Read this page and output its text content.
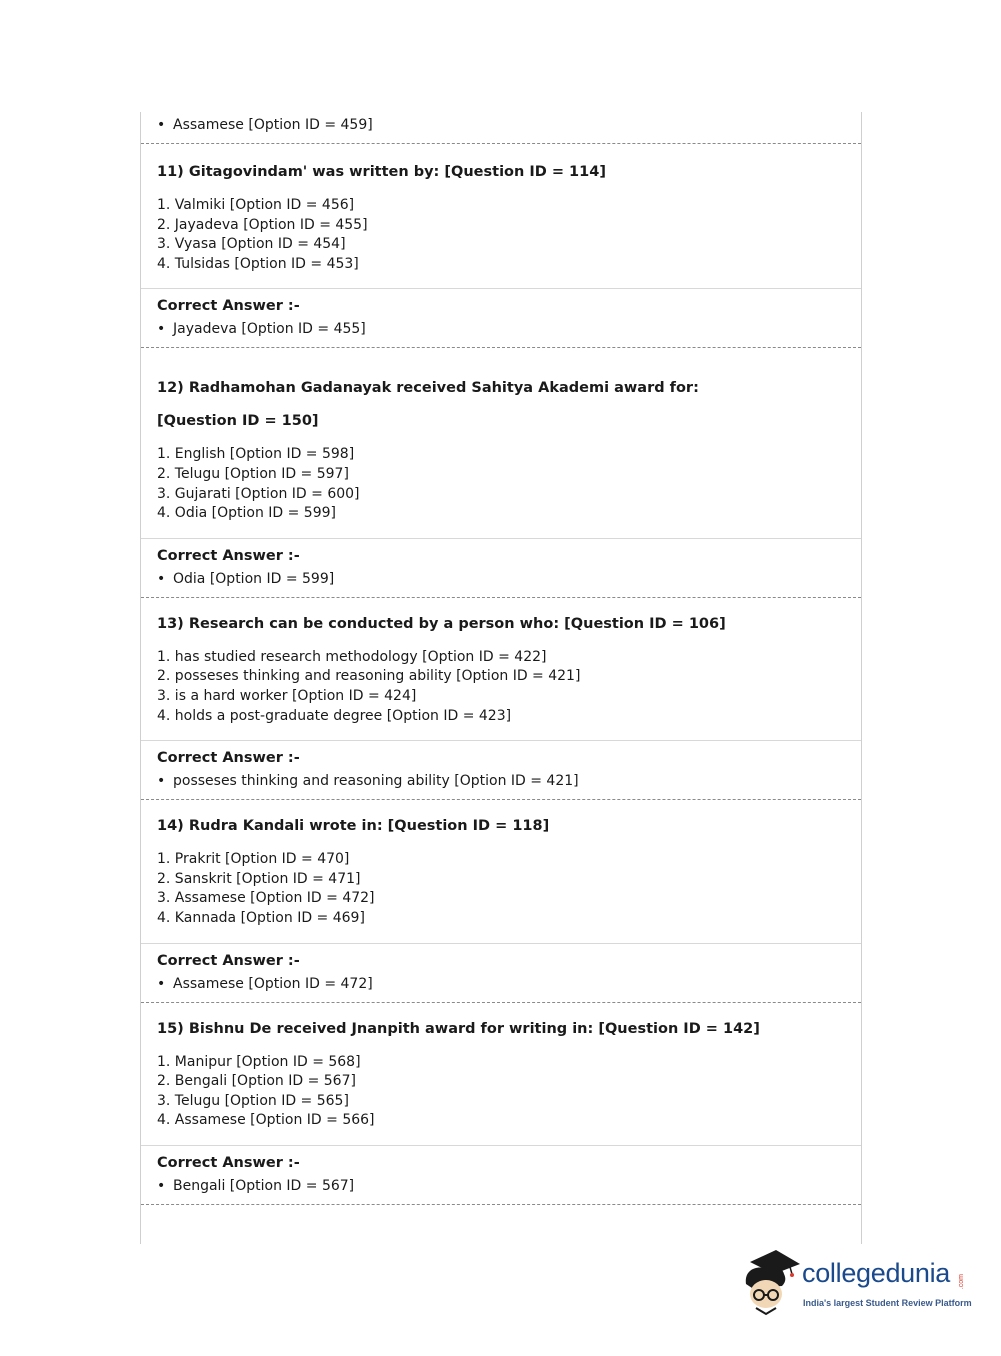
• Assamese [Option ID = 459]
11) Gitagovindam' was written by: [Question ID = 114]
1. Valmiki [Option ID = 456]
2. Jayadeva [Option ID = 455]
3. Vyasa [Option ID = 454]
4. Tulsidas [Option ID = 453]
Correct Answer :-
• Jayadeva [Option ID = 455]
12) Radhamohan Gadanayak received Sahitya Akademi award for:
[Question ID = 150]
1. English [Option ID = 598]
2. Telugu [Option ID = 597]
3. Gujarati [Option ID = 600]
4. Odia [Option ID = 599]
Correct Answer :-
• Odia [Option ID = 599]
13) Research can be conducted by a person who: [Question ID = 106]
1. has studied research methodology [Option ID = 422]
2. posseses thinking and reasoning ability [Option ID = 421]
3. is a hard worker [Option ID = 424]
4. holds a post-graduate degree [Option ID = 423]
Correct Answer :-
• posseses thinking and reasoning ability [Option ID = 421]
14) Rudra Kandali wrote in: [Question ID = 118]
1. Prakrit [Option ID = 470]
2. Sanskrit [Option ID = 471]
3. Assamese [Option ID = 472]
4. Kannada [Option ID = 469]
Correct Answer :-
• Assamese [Option ID = 472]
15) Bishnu De received Jnanpith award for writing in: [Question ID = 142]
1. Manipur [Option ID = 568]
2. Bengali [Option ID = 567]
3. Telugu [Option ID = 565]
4. Assamese [Option ID = 566]
Correct Answer :-
• Bengali [Option ID = 567]
collegedunia .com
India's largest Student Review Platform
